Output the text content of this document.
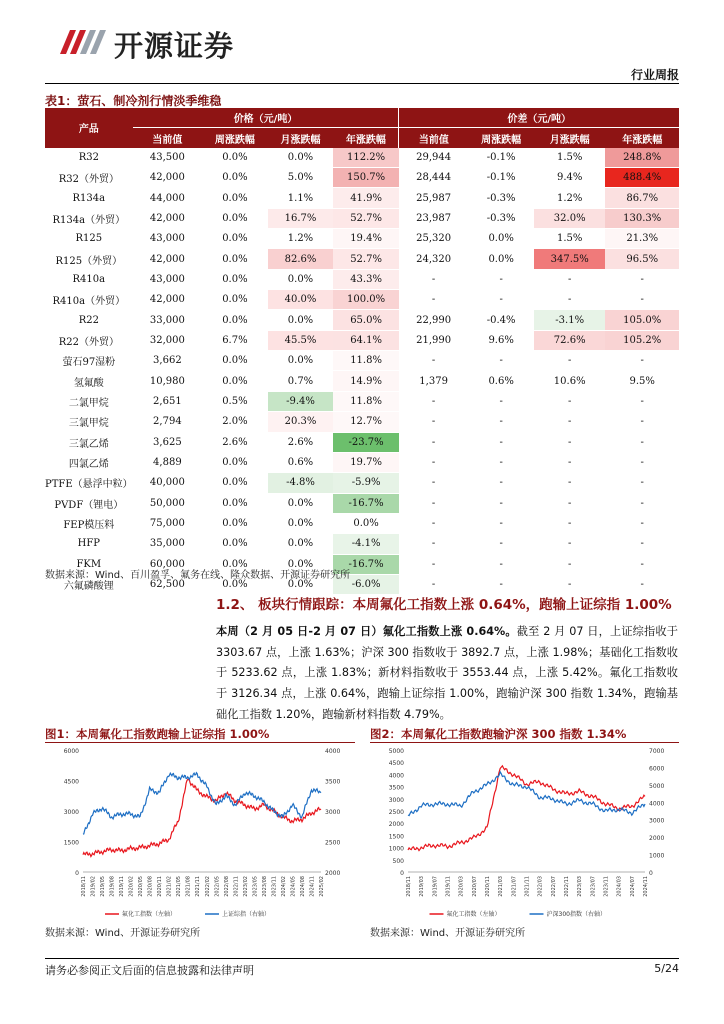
开源证券
行业周报
表1：萤石、制冷剂行情淡季维稳
产品	价格（元/吨）				价差（元/吨）			
	当前值	周涨跌幅	月涨跌幅	年涨跌幅	当前值	周涨跌幅	月涨跌幅	年涨跌幅
R32	43,500	0.0%	0.0%	112.2%	29,944	-0.1%	1.5%	248.8%
R32（外贸）	42,000	0.0%	5.0%	150.7%	28,444	-0.1%	9.4%	488.4%
R134a	44,000	0.0%	1.1%	41.9%	25,987	-0.3%	1.2%	86.7%
R134a（外贸）	42,000	0.0%	16.7%	52.7%	23,987	-0.3%	32.0%	130.3%
R125	43,000	0.0%	1.2%	19.4%	25,320	0.0%	1.5%	21.3%
R125（外贸）	42,000	0.0%	82.6%	52.7%	24,320	0.0%	347.5%	96.5%
R410a	43,000	0.0%	0.0%	43.3%	-	-	-	-
R410a（外贸）	42,000	0.0%	40.0%	100.0%	-	-	-	-
R22	33,000	0.0%	0.0%	65.0%	22,990	-0.4%	-3.1%	105.0%
R22（外贸）	32,000	6.7%	45.5%	64.1%	21,990	9.6%	72.6%	105.2%
萤石97湿粉	3,662	0.0%	0.0%	11.8%	-	-	-	-
氢氟酸	10,980	0.0%	0.7%	14.9%	1,379	0.6%	10.6%	9.5%
二氯甲烷	2,651	0.5%	-9.4%	11.8%	-	-	-	-
三氯甲烷	2,794	2.0%	20.3%	12.7%	-	-	-	-
三氯乙烯	3,625	2.6%	2.6%	-23.7%	-	-	-	-
四氯乙烯	4,889	0.0%	0.6%	19.7%	-	-	-	-
PTFE（悬浮中粒）	40,000	0.0%	-4.8%	-5.9%	-	-	-	-
PVDF（锂电）	50,000	0.0%	0.0%	-16.7%	-	-	-	-
FEP模压料	75,000	0.0%	0.0%	0.0%	-	-	-	-
HFP	35,000	0.0%	0.0%	-4.1%	-	-	-	-
FKM	60,000	0.0%	0.0%	-16.7%	-	-	-	-
六氟磷酸锂	62,500	0.0%	0.0%	-6.0%	-	-	-	-
数据来源：Wind、百川盈孚、氟务在线、隆众数据、开源证券研究所
1.2、 板块行情跟踪：本周氟化工指数上涨 0.64%，跑输上证综指 1.00%
本周（2 月 05 日-2 月 07 日）氟化工指数上涨 0.64%。截至 2 月 07 日，上证综指收于 3303.67 点，上涨 1.63%；沪深 300 指数收于 3892.7 点，上涨 1.98%；基础化工指数收于 5233.62 点，上涨 1.83%；新材料指数收于 3553.44 点，上涨 5.42%。氟化工指数收于 3126.34 点，上涨 0.64%，跑输上证综指 1.00%，跑输沪深 300 指数 1.34%，跑输基础化工指数 1.20%，跑输新材料指数 4.79%。
图1：本周氟化工指数跑输上证综指 1.00%
0
1500
3000
4500
6000
2000
2500
3000
3500
4000
2018/11 2019/02 2019/05 2019/08 2019/11 2020/02 2020/05 2020/08 2020/11 2021/02 2021/05 2021/08 2021/11 2022/02 2022/05 2022/08 2022/11 2023/02 2023/05 2023/08 2023/11 2024/02 2024/05 2024/08 2024/11 2025/02
氟化工指数（左轴）	上证综指（右轴）
数据来源：Wind、开源证券研究所
图2：本周氟化工指数跑输沪深 300 指数 1.34%
0
500
1000
1500
2000
2500
3000
3500
4000
4500
5000
0
1000
2000
3000
4000
5000
6000
7000
2018/11 2019/03 2019/07 2019/11 2020/03 2020/07 2020/11 2021/03 2021/07 2021/11 2022/03 2022/07 2022/11 2023/03 2023/07 2023/11 2024/03 2024/07 2024/11
氟化工指数（左轴）	沪深300指数（右轴）
数据来源：Wind、开源证券研究所
请务必参阅正文后面的信息披露和法律声明	5/24
